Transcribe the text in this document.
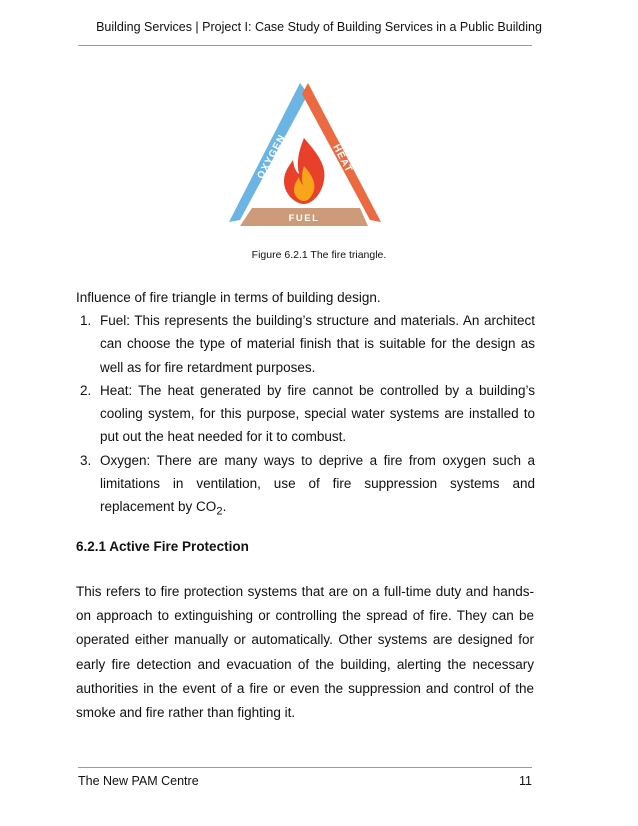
Building Services | Project I: Case Study of Building Services in a Public Building
OXYGEN	HEAT
FUEL
Figure 6.2.1 The fire triangle.
Influence of fire triangle in terms of building design.
1. Fuel: This represents the building’s structure and materials. An architect can choose the type of material finish that is suitable for the design as well as for fire retardment purposes.
2. Heat: The heat generated by fire cannot be controlled by a building’s cooling system, for this purpose, special water systems are installed to put out the heat needed for it to combust.
3. Oxygen: There are many ways to deprive a fire from oxygen such a limitations in ventilation, use of fire suppression systems and replacement by $CO_2$.
6.2.1 Active Fire Protection
This refers to fire protection systems that are on a full-time duty and hands-on approach to extinguishing or controlling the spread of fire. They can be operated either manually or automatically. Other systems are designed for early fire detection and evacuation of the building, alerting the necessary authorities in the event of a fire or even the suppression and control of the smoke and fire rather than fighting it.
The New PAM Centre	11
